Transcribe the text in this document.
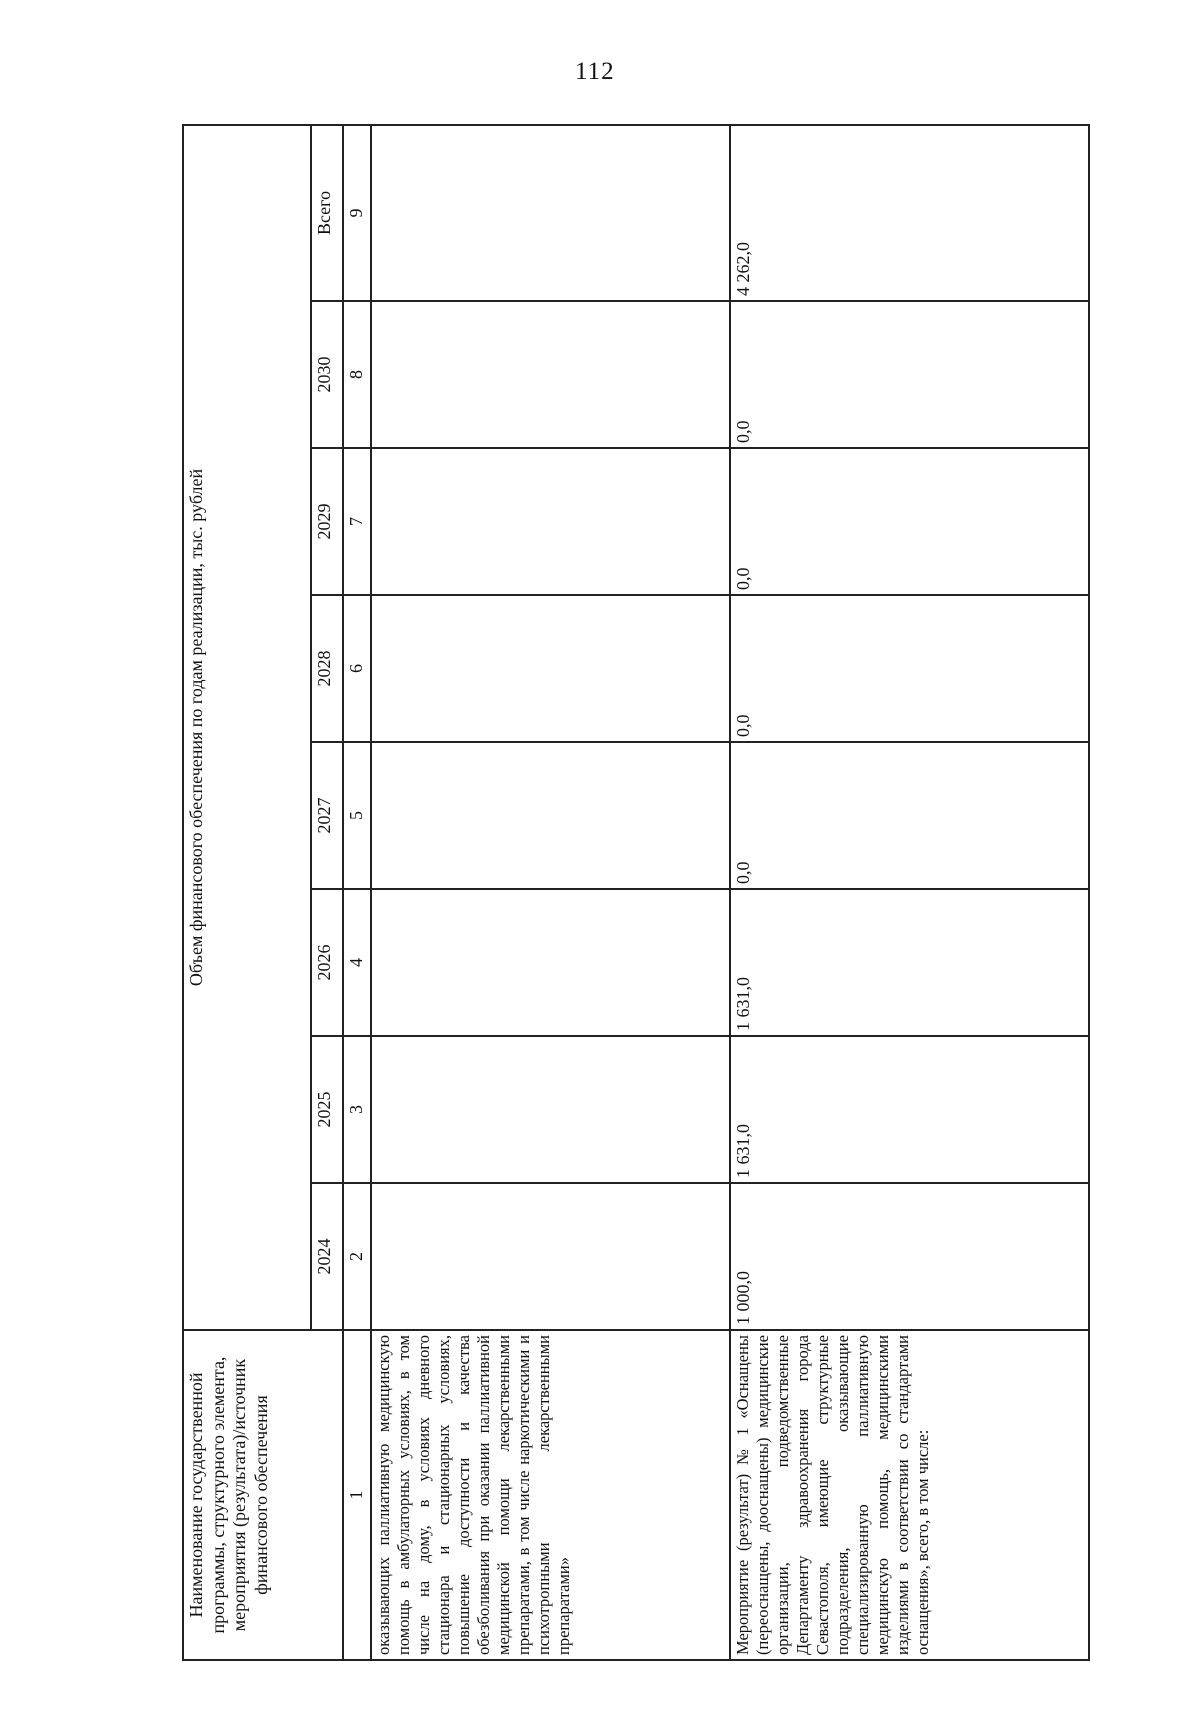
112
Наименование государственной программы, структурного элемента, мероприятия (результата)/источник финансового обеспечения	Объем финансового обеспечения по годам реализации, тыс. рублей							
	2024	2025	2026	2027	2028	2029	2030	Всего
1	2	3	4	5	6	7	8	9
оказывающих паллиативную медицинскую помощь в амбулаторных условиях, в том числе на дому, в условиях дневного стационара и стационарных условиях, повышение доступности и качества обезболивания при оказании паллиативной медицинской помощи лекарственными препаратами, в том числе наркотическими и психотропными лекарственными препаратами»								
Мероприятие (результат) № 1 «Оснащены (переоснащены, дооснащены) медицинские организации, подведомственные Департаменту здравоохранения города Севастополя, имеющие структурные подразделения, оказывающие специализированную паллиативную медицинскую помощь, медицинскими изделиями в соответствии со стандартами оснащения», всего, в том числе:	1 000,0	1 631,0	1 631,0	0,0	0,0	0,0	0,0	4 262,0
